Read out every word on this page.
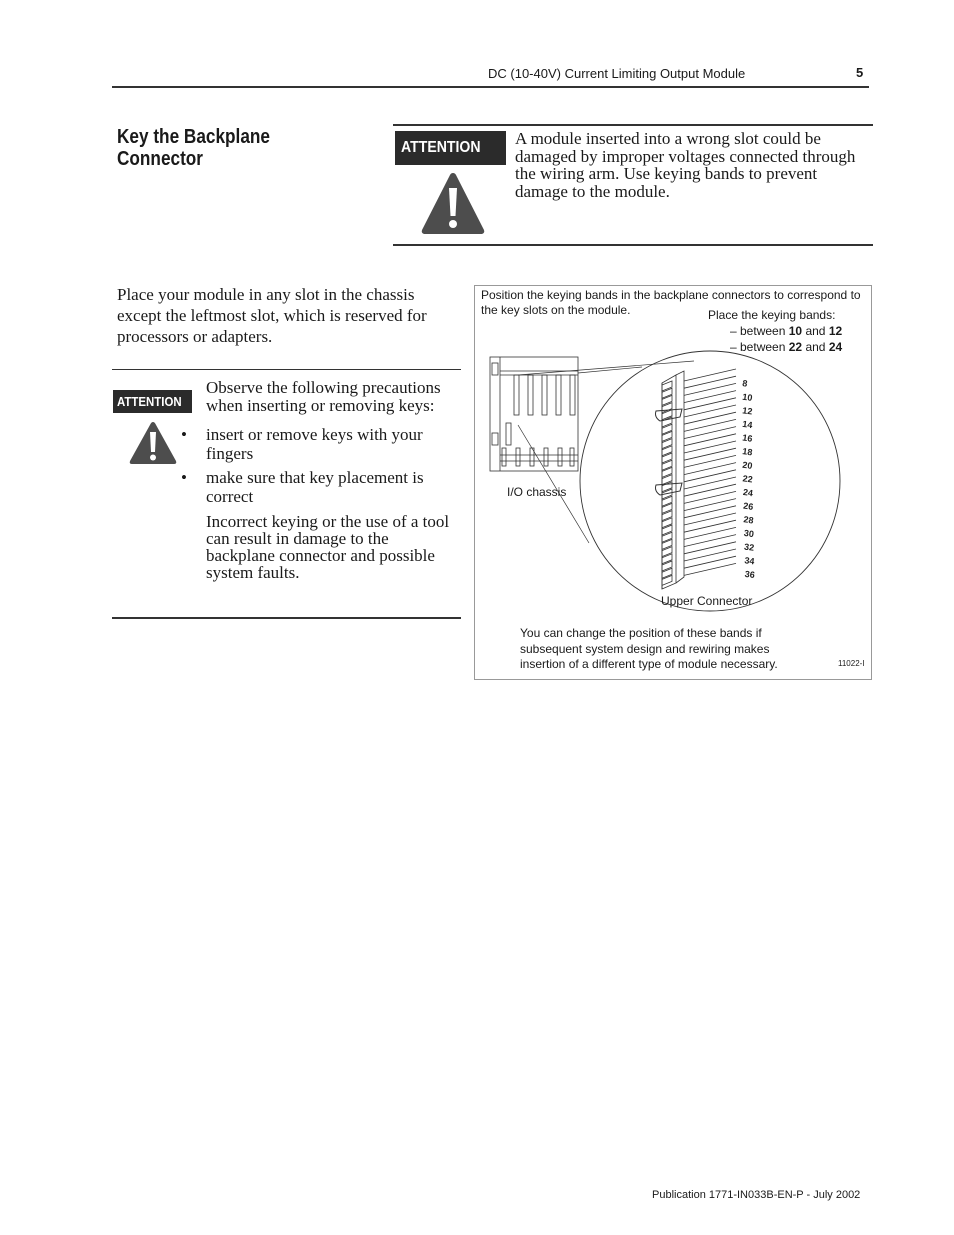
DC (10-40V) Current Limiting Output Module	5
Key the Backplane Connector
ATTENTION A module inserted into a wrong slot could be damaged by improper voltages connected through the wiring arm. Use keying bands to prevent damage to the module.
Place your module in any slot in the chassis except the leftmost slot, which is reserved for processors or adapters.
ATTENTION
Observe the following precautions when inserting or removing keys:
• insert or remove keys with your fingers
• make sure that key placement is correct
Incorrect keying or the use of a tool can result in damage to the backplane connector and possible system faults.
8
10
12
14
16
18
20
22
24
26
28
30
32
34
36
Position the keying bands in the backplane connectors to correspond to the key slots on the module.	Place the keying bands:
– between 10 and 12
– between 22 and 24
I/O chassis
Upper Connector
You can change the position of these bands if subsequent system design and rewiring makes insertion of a different type of module necessary.	11022-I
Publication 1771-IN033B-EN-P - July 2002
